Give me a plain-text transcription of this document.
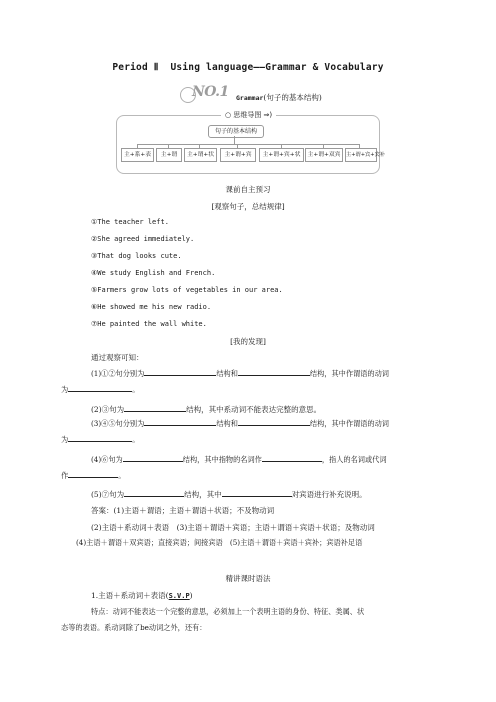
Period Ⅱ  Using language——Grammar & Vocabulary
NO.1 Grammar(句子的基本结构)
○ 思维导图 ⇒)
句子的基本结构
主+系+表	主+谓	主+谓+状	主+谓+宾	主+谓+宾+状	主+谓+双宾	主+谓+宾+宾补
课前自主预习
[观察句子，总结规律]
①The teacher left.
②She agreed immediately.
③That dog looks cute.
④We study English and French.
⑤Farmers grow lots of vegetables in our area.
⑥He showed me his new radio.
⑦He painted the wall white.
[我的发现]
通过观察可知：
(1)①②句分别为	结构和	结构，其中作谓语的动词
为	。
(2)③句为	结构，其中系动词不能表达完整的意思。
(3)④⑤句分别为	结构和	结构，其中作谓语的动词
为	。
(4)⑥句为	结构，其中指物的名词作	，指人的名词或代词
作	。
(5)⑦句为	结构，其中	对宾语进行补充说明。
答案：(1)主语＋谓语；主语＋谓语＋状语；不及物动词
(2)主语＋系动词＋表语　(3)主语＋谓语＋宾语；主语＋谓语＋宾语＋状语；及物动词
(4)主语＋谓语＋双宾语；直接宾语；间接宾语　(5)主语＋谓语＋宾语＋宾补；宾语补足语
精讲课时语法
1.主语＋系动词＋表语(S.V.P)
特点：动词不能表达一个完整的意思，必须加上一个表明主语的身份、特征、类属、状
态等的表语。系动词除了be动词之外，还有：
